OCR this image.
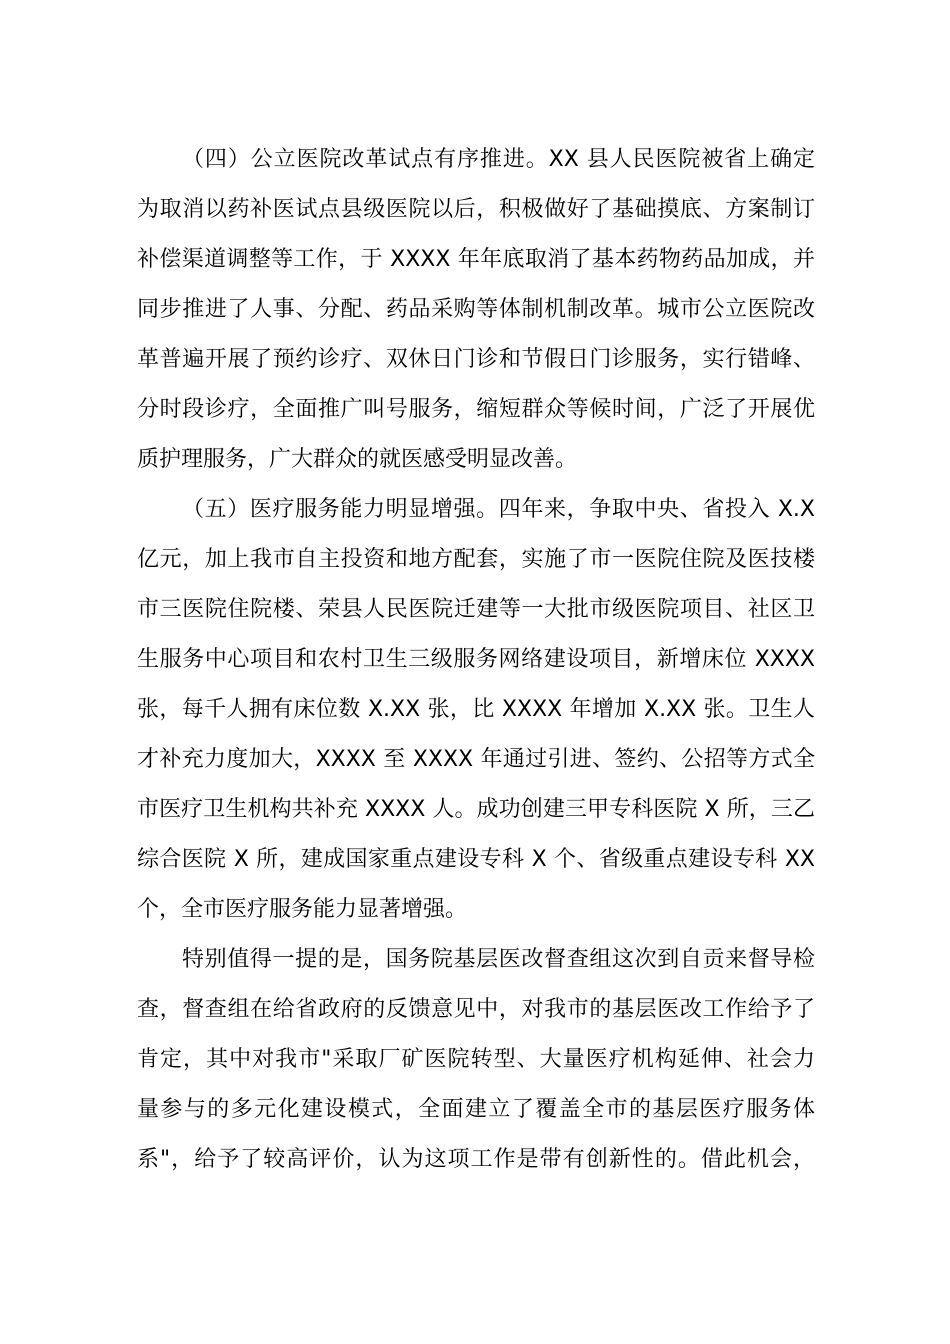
（四）公立医院改革试点有序推进。XX 县人民医院被省上确定
为取消以药补医试点县级医院以后，积极做好了基础摸底、方案制订
补偿渠道调整等工作，于 XXXX 年年底取消了基本药物药品加成，并
同步推进了人事、分配、药品采购等体制机制改革。城市公立医院改
革普遍开展了预约诊疗、双休日门诊和节假日门诊服务，实行错峰、
分时段诊疗，全面推广叫号服务，缩短群众等候时间，广泛了开展优
质护理服务，广大群众的就医感受明显改善。
（五）医疗服务能力明显增强。四年来，争取中央、省投入 X.X
亿元，加上我市自主投资和地方配套，实施了市一医院住院及医技楼
市三医院住院楼、荣县人民医院迁建等一大批市级医院项目、社区卫
生服务中心项目和农村卫生三级服务网络建设项目，新增床位 XXXX
张，每千人拥有床位数 X.XX 张，比 XXXX 年增加 X.XX 张。卫生人
才补充力度加大，XXXX 至 XXXX 年通过引进、签约、公招等方式全
市医疗卫生机构共补充 XXXX 人。成功创建三甲专科医院 X 所，三乙
综合医院 X 所，建成国家重点建设专科 X 个、省级重点建设专科 XX
个，全市医疗服务能力显著增强。
特别值得一提的是，国务院基层医改督查组这次到自贡来督导检
查，督查组在给省政府的反馈意见中，对我市的基层医改工作给予了
肯定，其中对我市"采取厂矿医院转型、大量医疗机构延伸、社会力
量参与的多元化建设模式，全面建立了覆盖全市的基层医疗服务体
系"，给予了较高评价，认为这项工作是带有创新性的。借此机会，
